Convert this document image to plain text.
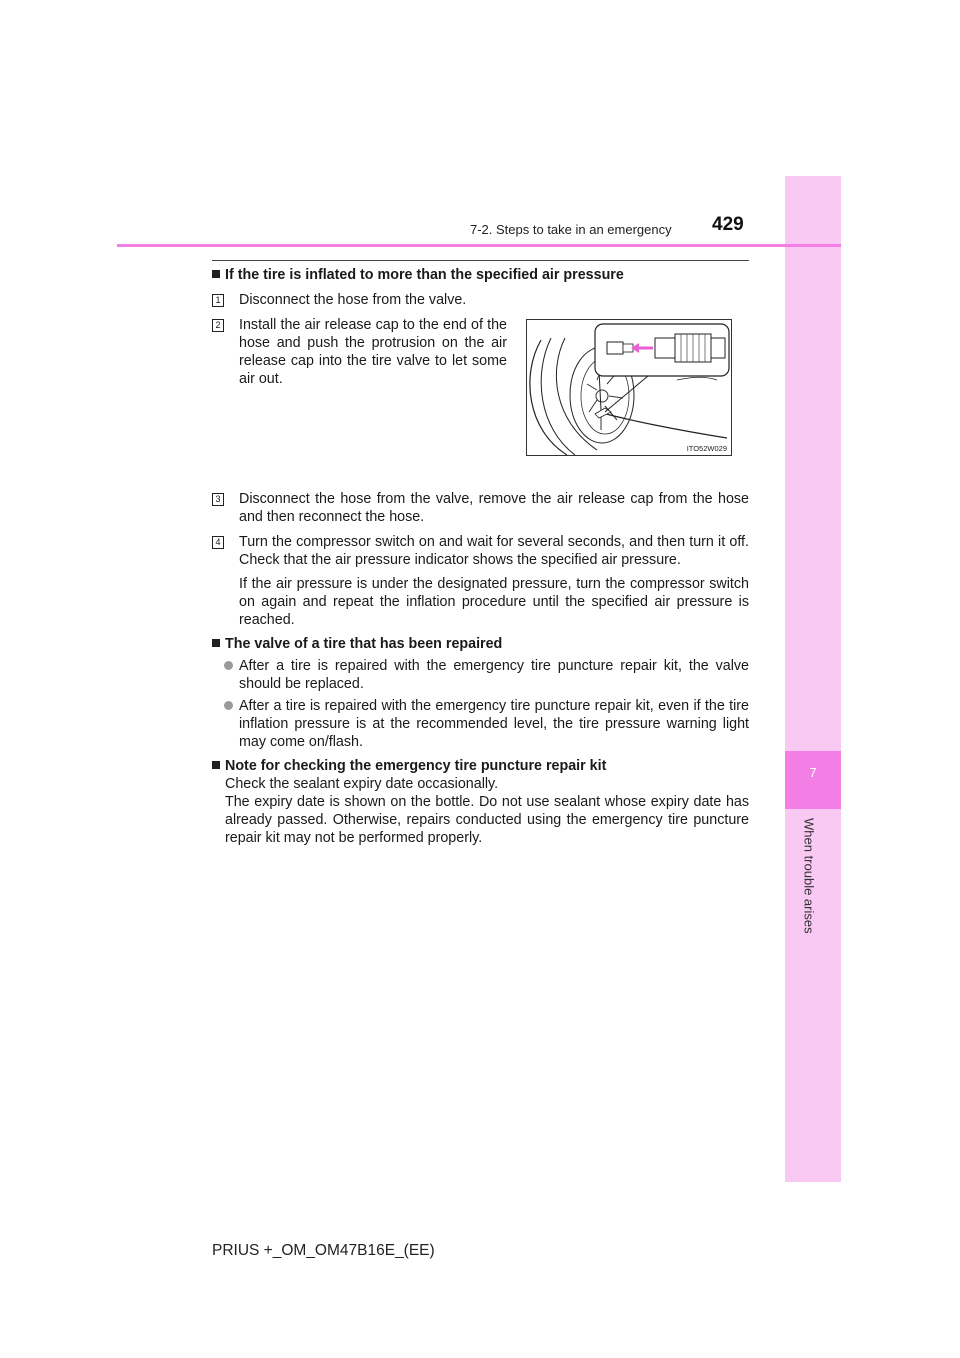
7
When trouble arises
7-2. Steps to take in an emergency 429
If the tire is inflated to more than the specified air pressure
1 Disconnect the hose from the valve.
2 Install the air release cap to the end of the hose and push the protrusion on the air release cap into the tire valve to let some air out.
3 Disconnect the hose from the valve, remove the air release cap from the hose and then reconnect the hose.
4 Turn the compressor switch on and wait for several seconds, and then turn it off. Check that the air pressure indicator shows the specified air pressure.
If the air pressure is under the designated pressure, turn the compressor switch on again and repeat the inflation procedure until the specified air pressure is reached.
The valve of a tire that has been repaired
After a tire is repaired with the emergency tire puncture repair kit, the valve should be replaced.
After a tire is repaired with the emergency tire puncture repair kit, even if the tire inflation pressure is at the recommended level, the tire pressure warning light may come on/flash.
Note for checking the emergency tire puncture repair kit
Check the sealant expiry date occasionally.
The expiry date is shown on the bottle. Do not use sealant whose expiry date has already passed. Otherwise, repairs conducted using the emergency tire puncture repair kit may not be performed properly.
ITO52W029
PRIUS +_OM_OM47B16E_(EE)
